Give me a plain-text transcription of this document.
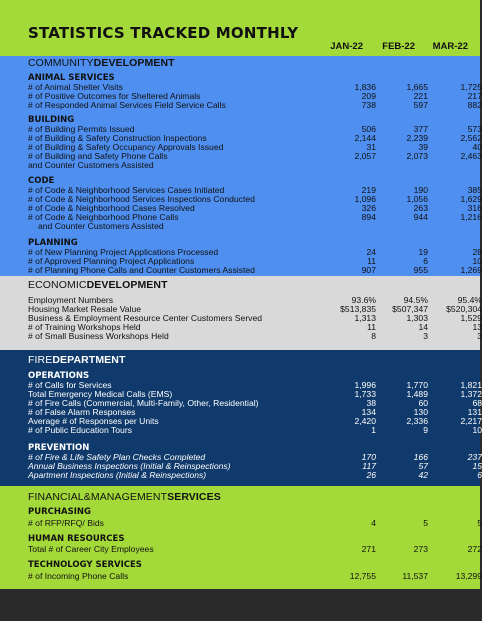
STATISTICS TRACKED MONTHLY
JAN-22	FEB-22	MAR-22
COMMUNITYDEVELOPMENT
ANIMAL SERVICES
# of Animal Shelter Visits	1,836	1,665	1,725
# of Positive Outcomes for Sheltered Animals	209	221	217
# of Responded Animal Services Field Service Calls	738	597	882
BUILDING
# of Building Permits Issued	506	377	573
# of Building & Safety Construction Inspections	2,144	2,239	2,562
# of Building & Safety Occupancy Approvals Issued	31	39	40
# of Building and Safety Phone Calls	2,057	2,073	2,463
and Counter Customers Assisted
CODE
# of Code & Neighborhood Services Cases Initiated	219	190	385
# of Code & Neighborhood Services Inspections Conducted	1,096	1,056	1,629
# of Code & Neighborhood Cases Resolved	326	263	316
# of Code & Neighborhood Phone Calls	894	944	1,216
and Counter Customers Assisted
PLANNING
# of New Planning Project Applications Processed	24	19	28
# of Approved Planning Project Applications	11	6	10
# of Planning Phone Calls and Counter Customers Assisted	907	955	1,269
ECONOMICDEVELOPMENT
Employment Numbers	93.6%	94.5%	95.4%
Housing Market Resale Value	$513,835	$507,347	$520,304
Business & Employment Resource Center Customers Served	1,313	1,303	1,529
# of Training Workshops Held	11	14	13
# of Small Business Workshops Held	8	3	3
FIREDEPARTMENT
OPERATIONS
# of Calls for Services	1,996	1,770	1,821
Total Emergency Medical Calls (EMS)	1,733	1,489	1,372
# of Fire Calls (Commercial, Multi-Family, Other, Residential)	38	60	68
# of False Alarm Responses	134	130	131
Average # of Responses per Units	2,420	2,336	2,217
# of Public Education Tours	1	9	10
PREVENTION
# of Fire & Life Safety Plan Checks Completed	170	166	237
Annual Business Inspections (Initial & Reinspections)	117	57	15
Apartment Inspections (Initial & Reinspections)	26	42	6
FINANCIAL&MANAGEMENTSERVICES
PURCHASING
# of RFP/RFQ/ Bids	4	5	5
HUMAN RESOURCES
Total # of Career City Employees	271	273	272
TECHNOLOGY SERVICES
# of Incoming Phone Calls	12,755	11,537	13,299
